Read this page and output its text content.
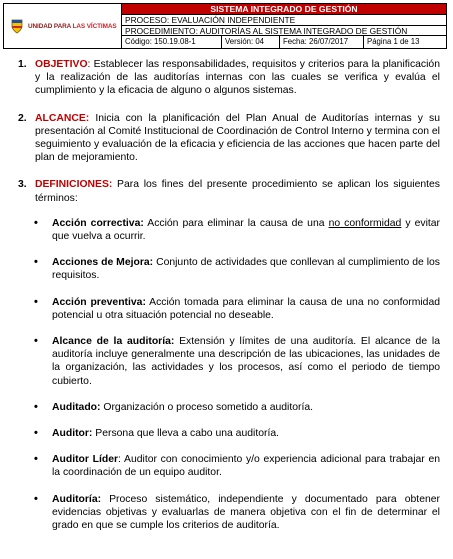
UNIDAD PARA LAS VÍCTIMAS
SISTEMA INTEGRADO DE GESTIÓN
PROCESO: EVALUACIÓN INDEPENDIENTE
PROCEDIMIENTO: AUDITORÍAS AL SISTEMA INTEGRADO DE GESTIÓN
Código: 150.19.08-1	Versión: 04	Fecha: 26/07/2017	Página 1 de 13
1. OBJETIVO: Establecer las responsabilidades, requisitos y criterios para la planificación y la realización de las auditorías internas con las cuales se verifica y evalúa el cumplimiento y la eficacia de alguno o algunos sistemas.
2. ALCANCE: Inicia con la planificación del Plan Anual de Auditorías internas y su presentación al Comité Institucional de Coordinación de Control Interno y termina con el seguimiento y evaluación de la eficacia y eficiencia de las acciones que hacen parte del plan de mejoramiento.
3. DEFINICIONES: Para los fines del presente procedimiento se aplican los siguientes términos:
•	Acción correctiva: Acción para eliminar la causa de una no conformidad y evitar que vuelva a ocurrir.
•	Acciones de Mejora: Conjunto de actividades que conllevan al cumplimiento de los requisitos.
•	Acción preventiva: Acción tomada para eliminar la causa de una no conformidad potencial u otra situación potencial no deseable.
•	Alcance de la auditoría: Extensión y límites de una auditoría. El alcance de la auditoría incluye generalmente una descripción de las ubicaciones, las unidades de la organización, las actividades y los procesos, así como el periodo de tiempo cubierto.
•	Auditado: Organización o proceso sometido a auditoría.
•	Auditor: Persona que lleva a cabo una auditoría.
•	Auditor Líder: Auditor con conocimiento y/o experiencia adicional para trabajar en la coordinación de un equipo auditor.
•	Auditoría: Proceso sistemático, independiente y documentado para obtener evidencias objetivas y evaluarlas de manera objetiva con el fin de determinar el grado en que se cumple los criterios de auditoría.
